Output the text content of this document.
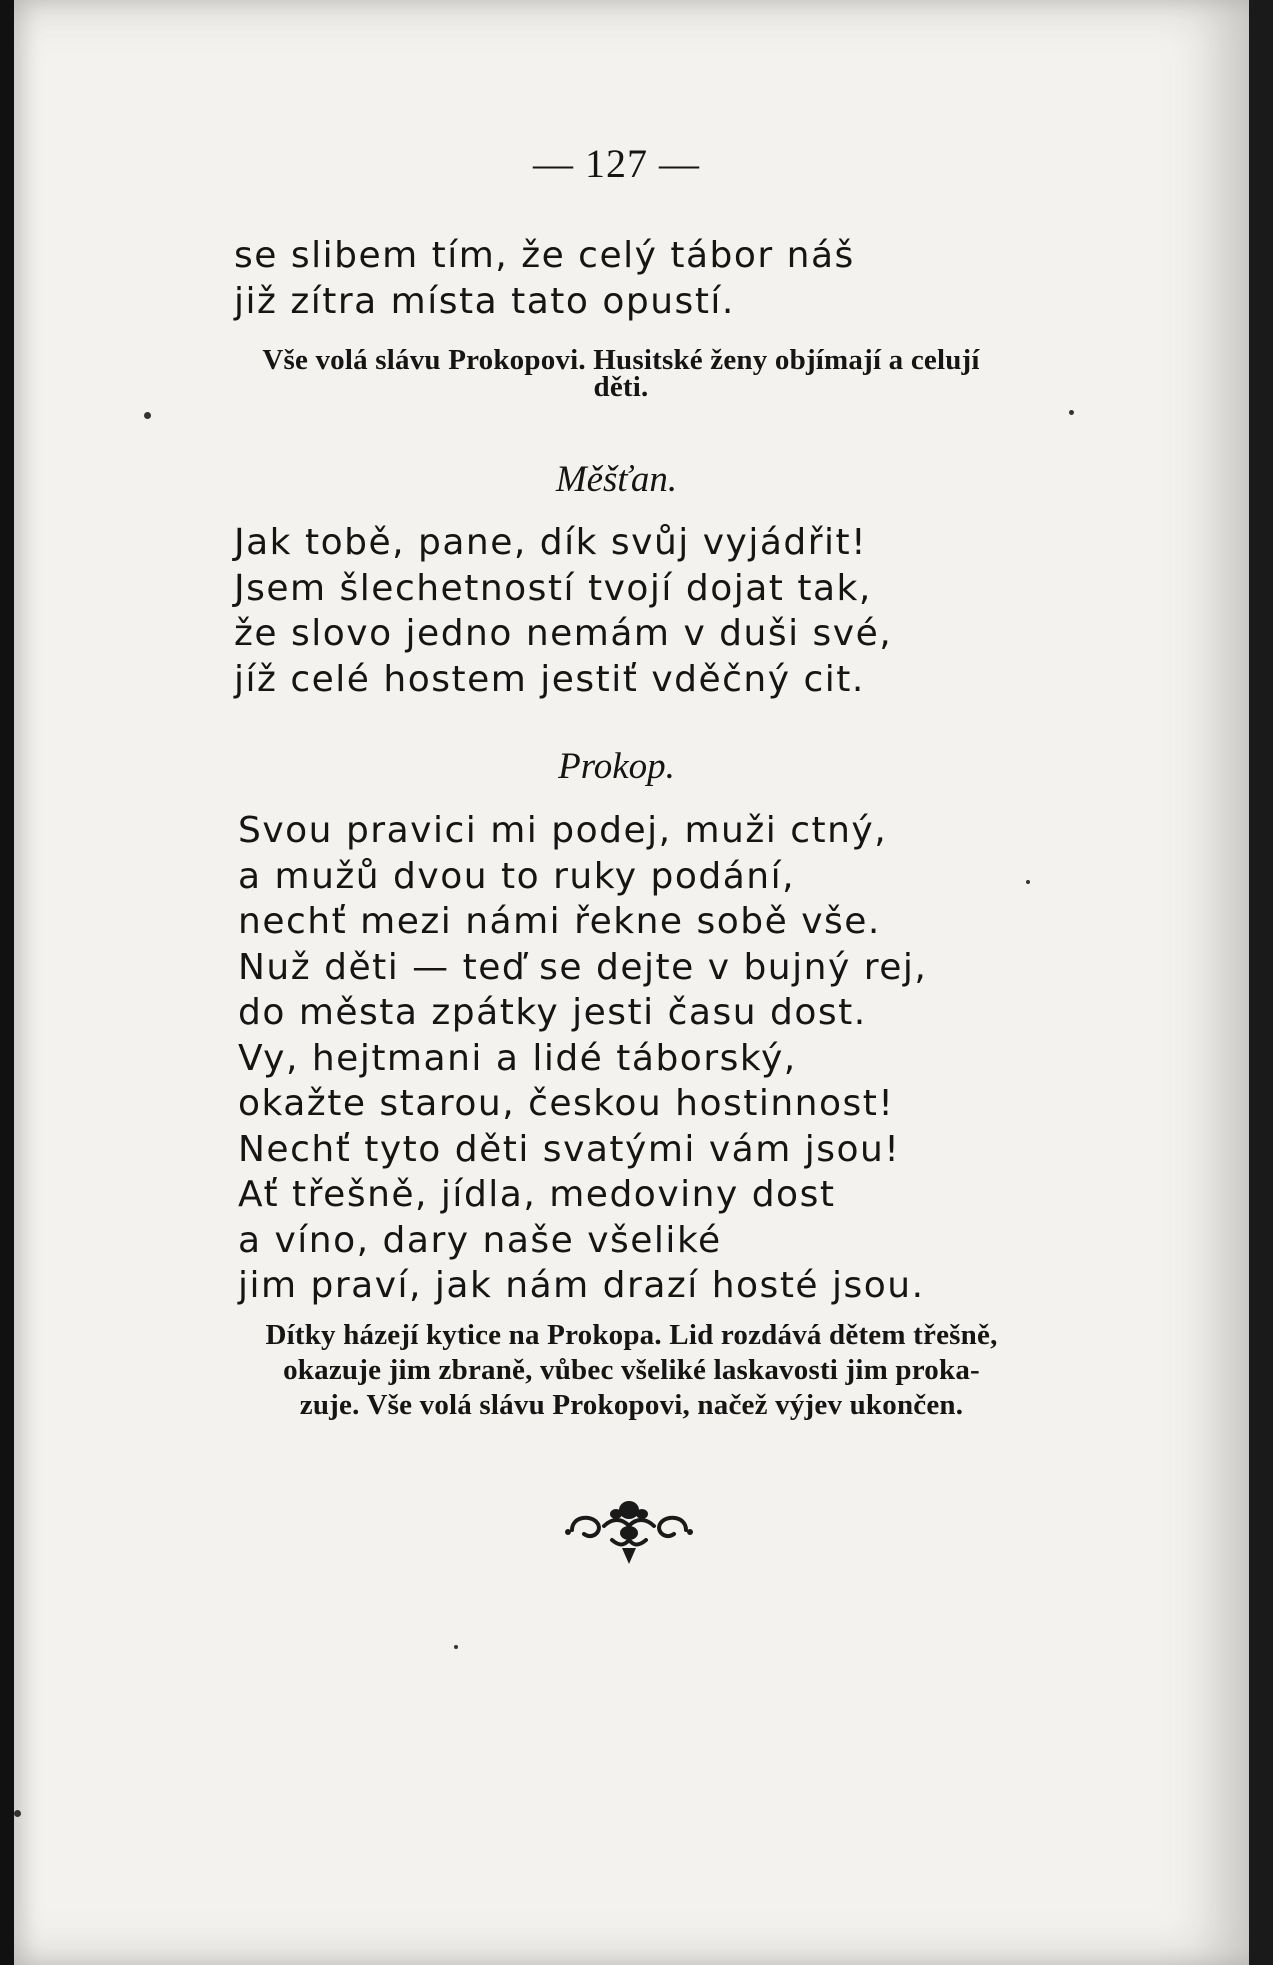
— 127 —
se slibem tím, že celý tábor náš
již zítra místa tato opustí.
Vše volá slávu Prokopovi. Husitské ženy objímají a celují
děti.
Měšťan.
Jak tobě, pane, dík svůj vyjádřit!
Jsem šlechetností tvojí dojat tak,
že slovo jedno nemám v duši své,
jíž celé hostem jestiť vděčný cit.
Prokop.
Svou pravici mi podej, muži ctný,
a mužů dvou to ruky podání,
nechť mezi námi řekne sobě vše.
Nuž děti — teď se dejte v bujný rej,
do města zpátky jesti času dost.
Vy, hejtmani a lidé táborský,
okažte starou, českou hostinnost!
Nechť tyto děti svatými vám jsou!
Ať třešně, jídla, medoviny dost
a víno, dary naše všeliké
jim praví, jak nám drazí hosté jsou.
Dítky házejí kytice na Prokopa. Lid rozdává dětem třešně,
okazuje jim zbraně, vůbec všeliké laskavosti jim proka-
zuje. Vše volá slávu Prokopovi, načež výjev ukončen.
